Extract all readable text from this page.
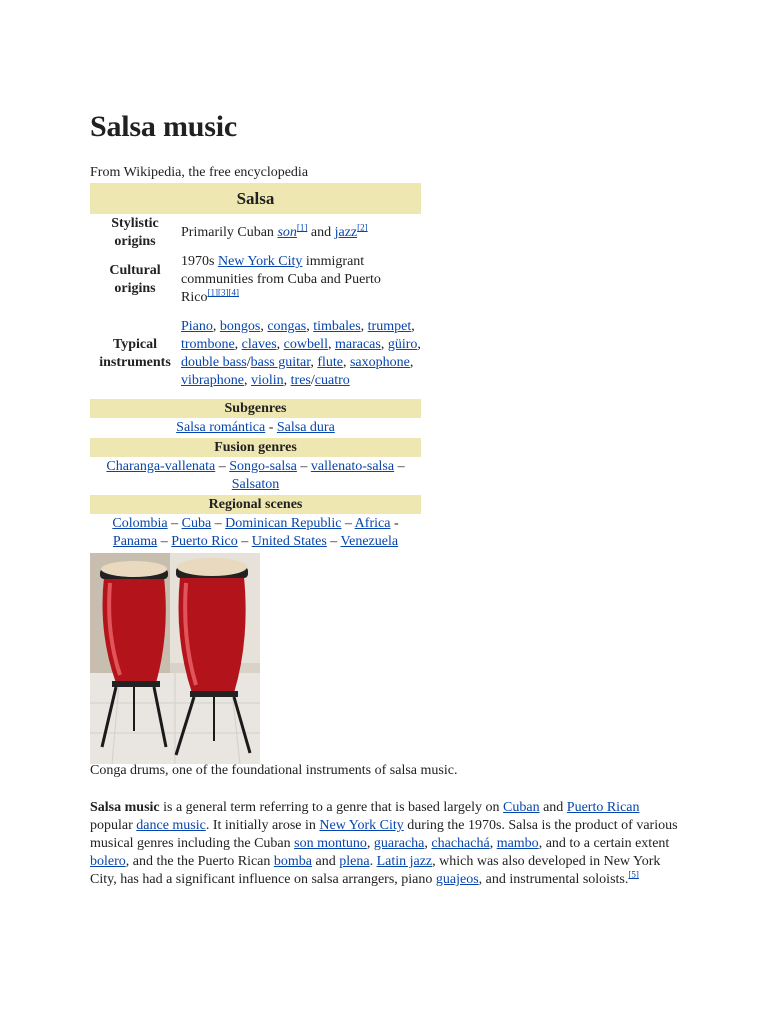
Salsa music
From Wikipedia, the free encyclopedia
Salsa
Stylistic origins
Primarily Cuban son[1] and jazz[2]
Cultural origins
1970s New York City immigrant communities from Cuba and Puerto Rico[1][3][4]
Typical instruments
Piano, bongos, congas, timbales, trumpet, trombone, claves, cowbell, maracas, güiro, double bass/bass guitar, flute, saxophone, vibraphone, violin, tres/cuatro
Subgenres
Salsa romántica - Salsa dura
Fusion genres
Charanga-vallenata – Songo-salsa – vallenato-salsa – Salsaton
Regional scenes
Colombia – Cuba – Dominican Republic – Africa - Panama – Puerto Rico – United States – Venezuela
Conga drums, one of the foundational instruments of salsa music.

Salsa music is a general term referring to a genre that is based largely on Cuban and Puerto Rican popular dance music. It initially arose in New York City during the 1970s. Salsa is the product of various musical genres including the Cuban son montuno, guaracha, chachachá, mambo, and to a certain extent bolero, and the the Puerto Rican bomba and plena. Latin jazz, which was also developed in New York City, has had a significant influence on salsa arrangers, piano guajeos, and instrumental soloists.[5]
